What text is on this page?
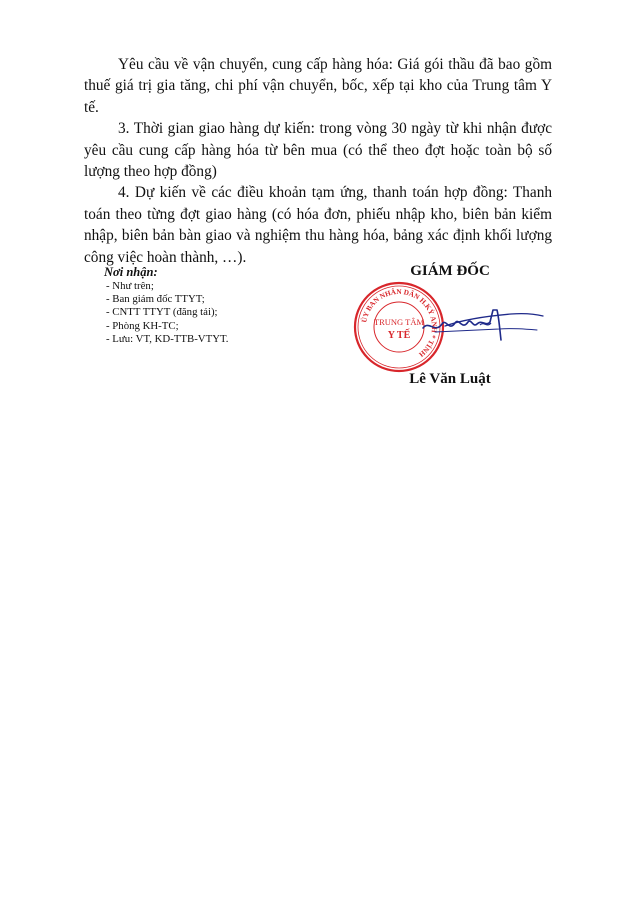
Yêu cầu về vận chuyển, cung cấp hàng hóa: Giá gói thầu đã bao gồm thuế giá trị gia tăng, chi phí vận chuyển, bốc, xếp tại kho của Trung tâm Y tế.

3. Thời gian giao hàng dự kiến: trong vòng 30 ngày từ khi nhận được yêu cầu cung cấp hàng hóa từ bên mua (có thể theo đợt hoặc toàn bộ số lượng theo hợp đồng)

4. Dự kiến về các điều khoản tạm ứng, thanh toán hợp đồng: Thanh toán theo từng đợt giao hàng (có hóa đơn, phiếu nhập kho, biên bản kiểm nhập, biên bản bàn giao và nghiệm thu hàng hóa, bảng xác định khối lượng công việc hoàn thành, …).

Nơi nhận:
- Như trên;
- Ban giám đốc TTYT;
- CNTT TTYT (đăng tải);
- Phòng KH-TC;
- Lưu: VT, KD-TTB-VTYT.
GIÁM ĐỐC
ỦY BAN NHÂN DÂN H.KỲ ANH * TỈNH
TRUNG TÂM
Y TẾ
Lê Văn Luật
